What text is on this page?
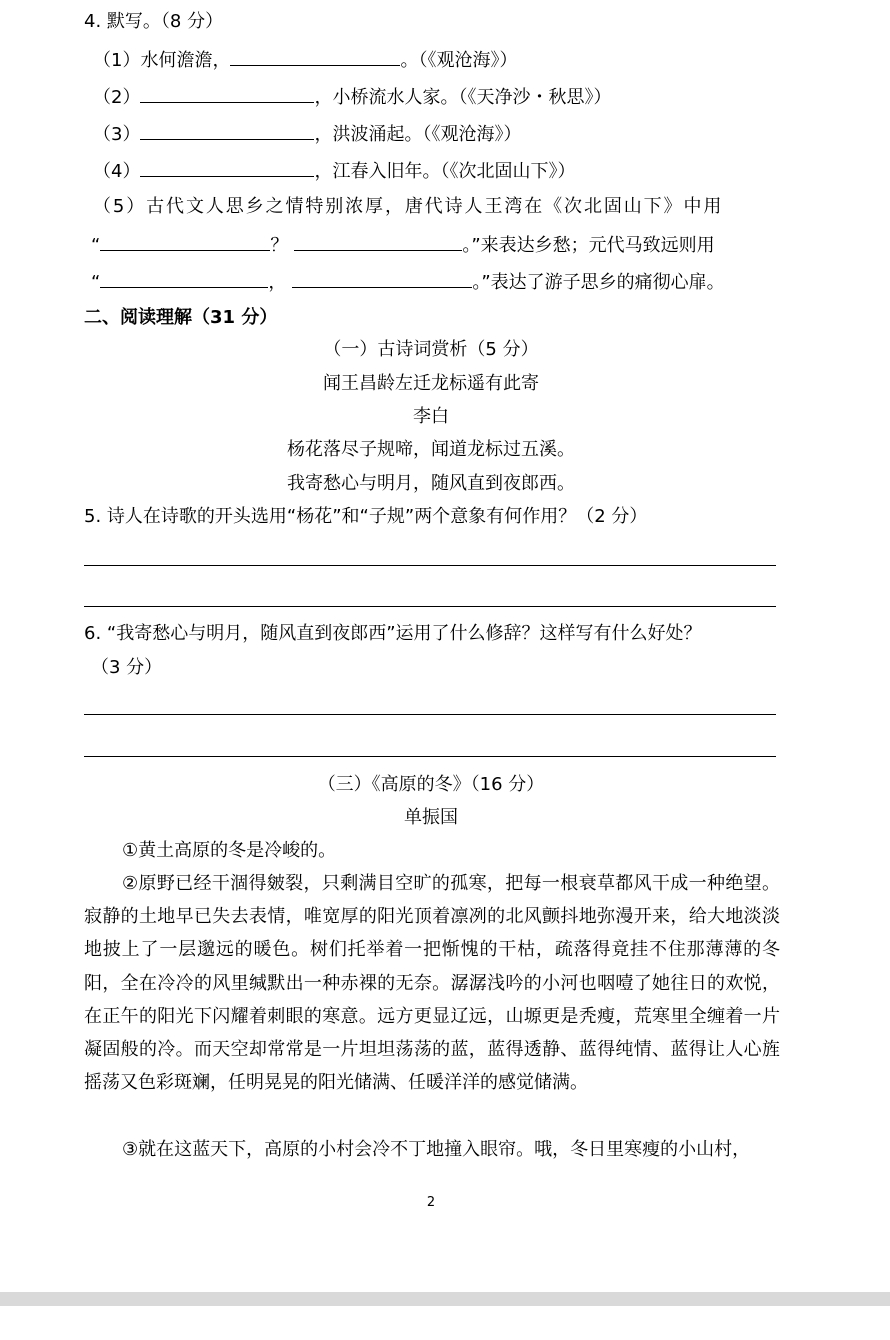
4. 默写。（8 分）
（1）水何澹澹，	。（《观沧海》）
（2）	，小桥流水人家。（《天净沙・秋思》）
（3）	，洪波涌起。（《观沧海》）
（4）	，江春入旧年。（《次北固山下》）
（5）古代文人思乡之情特别浓厚，唐代诗人王湾在《次北固山下》中用
“	？	。”来表达乡愁；元代马致远则用
“	，	。”表达了游子思乡的痛彻心扉。
二、阅读理解（31 分）
（一）古诗词赏析（5 分）
闻王昌龄左迁龙标遥有此寄
李白
杨花落尽子规啼，闻道龙标过五溪。
我寄愁心与明月，随风直到夜郎西。
5. 诗人在诗歌的开头选用“杨花”和“子规”两个意象有何作用？（2 分）
6. “我寄愁心与明月，随风直到夜郎西”运用了什么修辞？这样写有什么好处？
（3 分）
（三）《高原的冬》（16 分）
单振国
①黄土高原的冬是冷峻的。
②原野已经干涸得皴裂，只剩满目空旷的孤寒，把每一根衰草都风干成一种绝望。寂静的土地早已失去表情，唯宽厚的阳光顶着凛冽的北风颤抖地弥漫开来，给大地淡淡地披上了一层邈远的暖色。树们托举着一把惭愧的干枯，疏落得竟挂不住那薄薄的冬阳，全在冷冷的风里缄默出一种赤裸的无奈。潺潺浅吟的小河也咽噎了她往日的欢悦，在正午的阳光下闪耀着刺眼的寒意。远方更显辽远，山塬更是秃瘦，荒寒里全缠着一片凝固般的冷。而天空却常常是一片坦坦荡荡的蓝，蓝得透静、蓝得纯情、蓝得让人心旌摇荡又色彩斑斓，任明晃晃的阳光储满、任暖洋洋的感觉储满。
③就在这蓝天下，高原的小村会冷不丁地撞入眼帘。哦，冬日里寒瘦的小山村，
2
